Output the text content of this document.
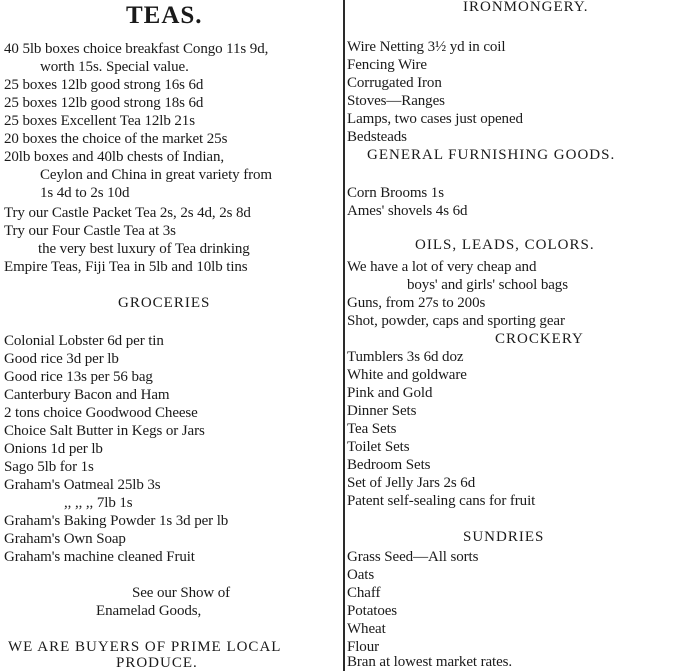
TEAS.
40 5lb boxes choice breakfast Congo 11s 9d,
worth 15s. Special value.
25 boxes 12lb good strong 16s 6d
25 boxes 12lb good strong 18s 6d
25 boxes Excellent Tea 12lb 21s
20 boxes the choice of the market 25s
20lb boxes and 40lb chests of Indian,
Ceylon and China in great variety from
1s 4d to 2s 10d
Try our Castle Packet Tea 2s, 2s 4d, 2s 8d
Try our Four Castle Tea at 3s
the very best luxury of Tea drinking
Empire Teas, Fiji Tea in 5lb and 10lb tins
GROCERIES
Colonial Lobster 6d per tin
Good rice 3d per lb
Good rice 13s per 56 bag
Canterbury Bacon and Ham
2 tons choice Goodwood Cheese
Choice Salt Butter in Kegs or Jars
Onions 1d per lb
Sago 5lb for 1s
Graham's Oatmeal 25lb 3s
,, ,, ,, 7lb 1s
Graham's Baking Powder 1s 3d per lb
Graham's Own Soap
Graham's machine cleaned Fruit
See our Show of
Enamelad Goods,
WE ARE BUYERS OF PRIME LOCAL
PRODUCE.
IRONMONGERY.
Wire Netting 3½ yd in coil
Fencing Wire
Corrugated Iron
Stoves—Ranges
Lamps, two cases just opened
Bedsteads
GENERAL FURNISHING GOODS.
Corn Brooms 1s
Ames' shovels 4s 6d
OILS, LEADS, COLORS.
We have a lot of very cheap and
boys' and girls' school bags
Guns, from 27s to 200s
Shot, powder, caps and sporting gear
CROCKERY
Tumblers 3s 6d doz
White and goldware
Pink and Gold
Dinner Sets
Tea Sets
Toilet Sets
Bedroom Sets
Set of Jelly Jars 2s 6d
Patent self-sealing cans for fruit
SUNDRIES
Grass Seed—All sorts
Oats
Chaff
Potatoes
Wheat
Flour
Bran at lowest market rates.
